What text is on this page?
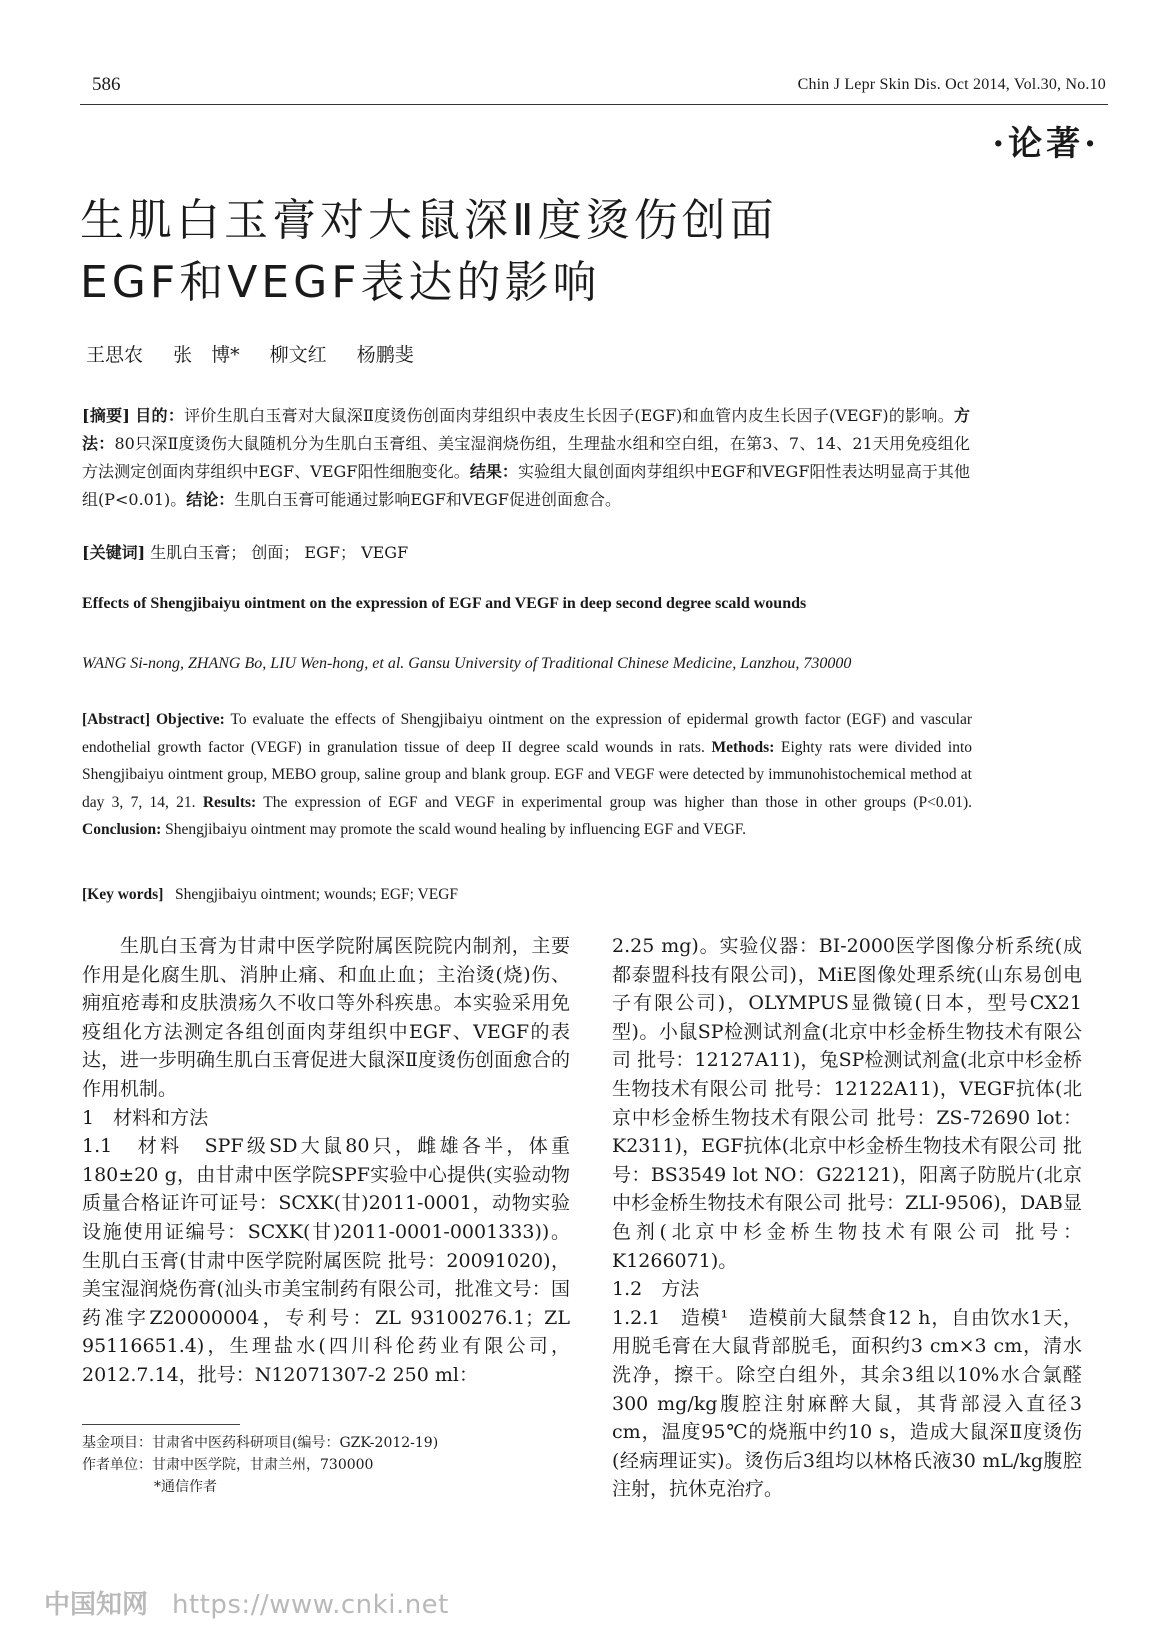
586	Chin J Lepr Skin Dis. Oct 2014, Vol.30, No.10
·论著·
生肌白玉膏对大鼠深Ⅱ度烫伤创面
EGF和VEGF表达的影响
王思农 张　博* 柳文红 杨鹏斐
[摘要] 目的：评价生肌白玉膏对大鼠深Ⅱ度烫伤创面肉芽组织中表皮生长因子(EGF)和血管内皮生长因子(VEGF)的影响。方法：80只深Ⅱ度烫伤大鼠随机分为生肌白玉膏组、美宝湿润烧伤组，生理盐水组和空白组，在第3、7、14、21天用免疫组化方法测定创面肉芽组织中EGF、VEGF阳性细胞变化。结果：实验组大鼠创面肉芽组织中EGF和VEGF阳性表达明显高于其他组(P<0.01)。结论：生肌白玉膏可能通过影响EGF和VEGF促进创面愈合。
[关键词] 生肌白玉膏； 创面； EGF； VEGF
Effects of Shengjibaiyu ointment on the expression of EGF and VEGF in deep second degree scald wounds
WANG Si-nong, ZHANG Bo, LIU Wen-hong, et al. Gansu University of Traditional Chinese Medicine, Lanzhou, 730000
[Abstract] Objective: To evaluate the effects of Shengjibaiyu ointment on the expression of epidermal growth factor (EGF) and vascular endothelial growth factor (VEGF) in granulation tissue of deep II degree scald wounds in rats. Methods: Eighty rats were divided into Shengjibaiyu ointment group, MEBO group, saline group and blank group. EGF and VEGF were detected by immunohistochemical method at day 3, 7, 14, 21. Results: The expression of EGF and VEGF in experimental group was higher than those in other groups (P<0.01). Conclusion: Shengjibaiyu ointment may promote the scald wound healing by influencing EGF and VEGF.
[Key words] Shengjibaiyu ointment; wounds; EGF; VEGF

生肌白玉膏为甘肃中医学院附属医院院内制剂，主要作用是化腐生肌、消肿止痛、和血止血；主治烫(烧)伤、痈疽疮毒和皮肤溃疡久不收口等外科疾患。本实验采用免疫组化方法测定各组创面肉芽组织中EGF、VEGF的表达，进一步明确生肌白玉膏促进大鼠深Ⅱ度烫伤创面愈合的作用机制。

1　材料和方法

1.1　材料　SPF级SD大鼠80只，雌雄各半，体重180±20 g，由甘肃中医学院SPF实验中心提供(实验动物质量合格证许可证号：SCXK(甘)2011-0001，动物实验设施使用证编号：SCXK(甘)2011-0001-0001333))。生肌白玉膏(甘肃中医学院附属医院 批号：20091020)，美宝湿润烧伤膏(汕头市美宝制药有限公司，批准文号：国药准字Z20000004，专利号：ZL 93100276.1；ZL 95116651.4)，生理盐水(四川科伦药业有限公司，2012.7.14，批号：N12071307-2 250 ml：

2.25 mg)。实验仪器：BI-2000医学图像分析系统(成都泰盟科技有限公司)，MiE图像处理系统(山东易创电子有限公司)，OLYMPUS显微镜(日本，型号CX21型)。小鼠SP检测试剂盒(北京中杉金桥生物技术有限公司 批号：12127A11)，兔SP检测试剂盒(北京中杉金桥生物技术有限公司 批号：12122A11)，VEGF抗体(北京中杉金桥生物技术有限公司 批号：ZS-72690 lot：K2311)，EGF抗体(北京中杉金桥生物技术有限公司 批号：BS3549 lot NO：G22121)，阳离子防脱片(北京中杉金桥生物技术有限公司 批号：ZLI-9506)，DAB显色剂(北京中杉金桥生物技术有限公司 批号：K1266071)。

1.2　方法

1.2.1　造模¹　造模前大鼠禁食12 h，自由饮水1天，用脱毛膏在大鼠背部脱毛，面积约3 cm×3 cm，清水洗净，擦干。除空白组外，其余3组以10%水合氯醛300 mg/kg腹腔注射麻醉大鼠，其背部浸入直径3 cm，温度95℃的烧瓶中约10 s，造成大鼠深Ⅱ度烫伤(经病理证实)。烫伤后3组均以林格氏液30 mL/kg腹腔注射，抗休克治疗。

基金项目：甘肃省中医药科研项目(编号：GZK-2012-19)
作者单位：甘肃中医学院，甘肃兰州，730000
*通信作者
中国知网 https://www.cnki.net
